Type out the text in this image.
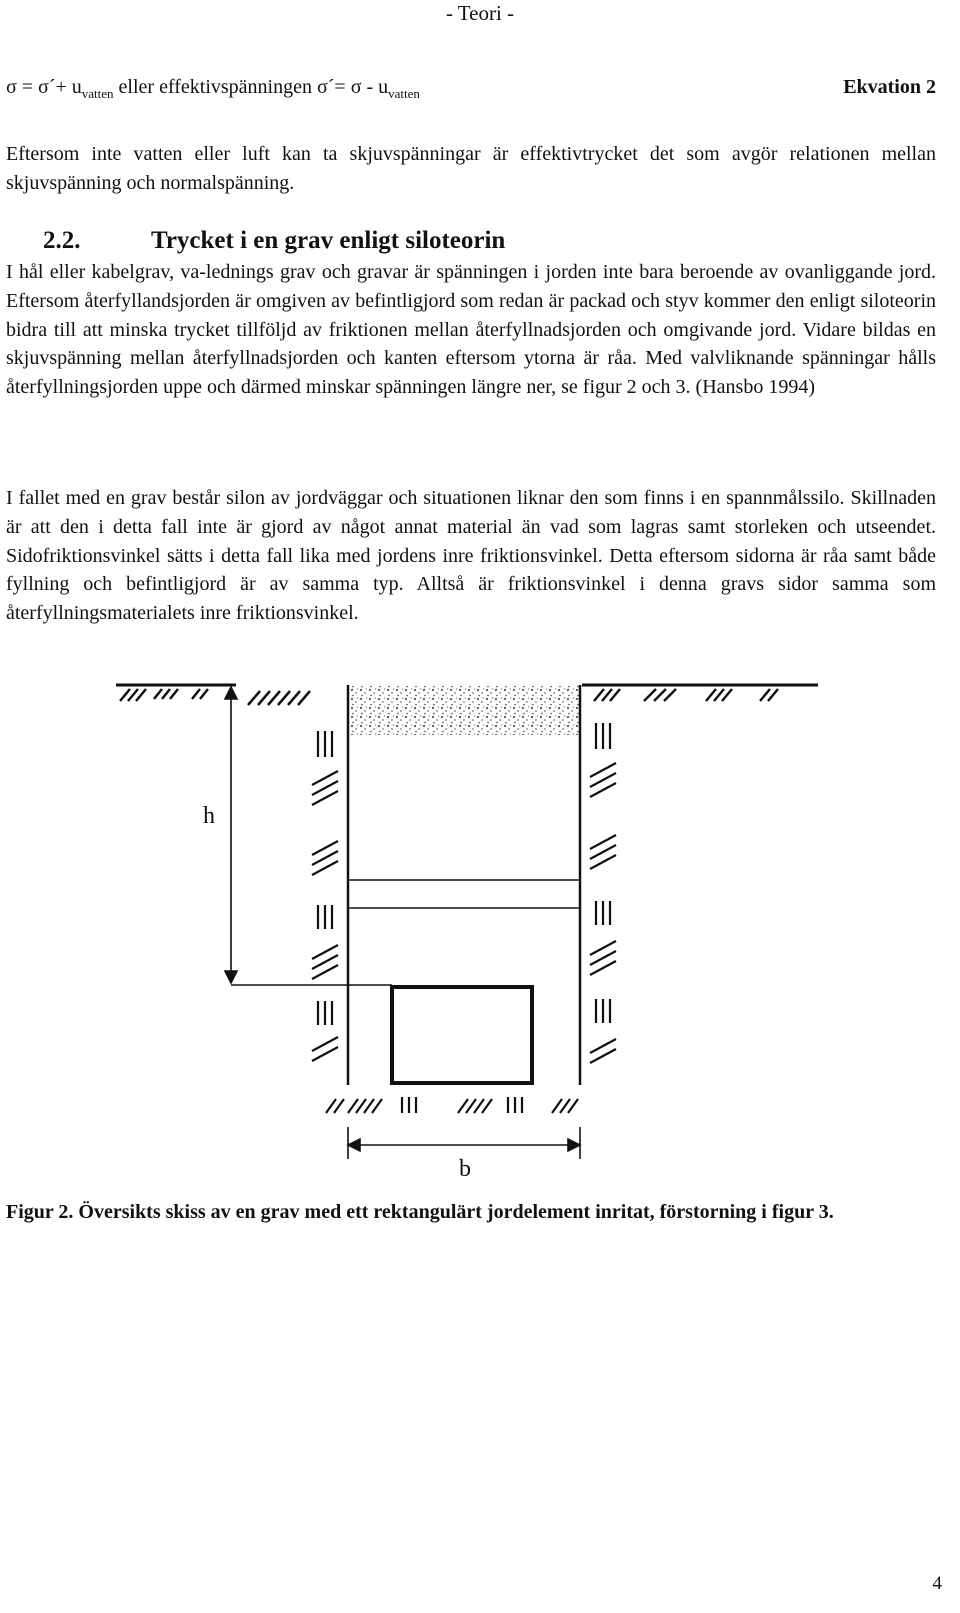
- Teori -
σ = σ´+ $u_{vatten}$ eller effektivspänningen σ´= σ - $u_{vatten}$	Ekvation 2

Eftersom inte vatten eller luft kan ta skjuvspänningar är effektivtrycket det som avgör relationen mellan skjuvspänning och normalspänning.

2.2.	Trycket i en grav enligt siloteorin

I hål eller kabelgrav, va-lednings grav och gravar är spänningen i jorden inte bara beroende av ovanliggande jord. Eftersom återfyllandsjorden är omgiven av befintligjord som redan är packad och styv kommer den enligt siloteorin bidra till att minska trycket tillföljd av friktionen mellan återfyllnadsjorden och omgivande jord. Vidare bildas en skjuvspänning mellan återfyllnadsjorden och kanten eftersom ytorna är råa. Med valvliknande spänningar hålls återfyllningsjorden uppe och därmed minskar spänningen längre ner, se figur 2 och 3. (Hansbo 1994)

I fallet med en grav består silon av jordväggar och situationen liknar den som finns i en spannmålssilo. Skillnaden är att den i detta fall inte är gjord av något annat material än vad som lagras samt storleken och utseendet. Sidofriktionsvinkel sätts i detta fall lika med jordens inre friktionsvinkel. Detta eftersom sidorna är råa samt både fyllning och befintligjord är av samma typ. Alltså är friktionsvinkel i denna gravs sidor samma som återfyllningsmaterialets inre friktionsvinkel.

h
b
Figur 2. Översikts skiss av en grav med ett rektangulärt jordelement inritat, förstorning i figur 3.
4
